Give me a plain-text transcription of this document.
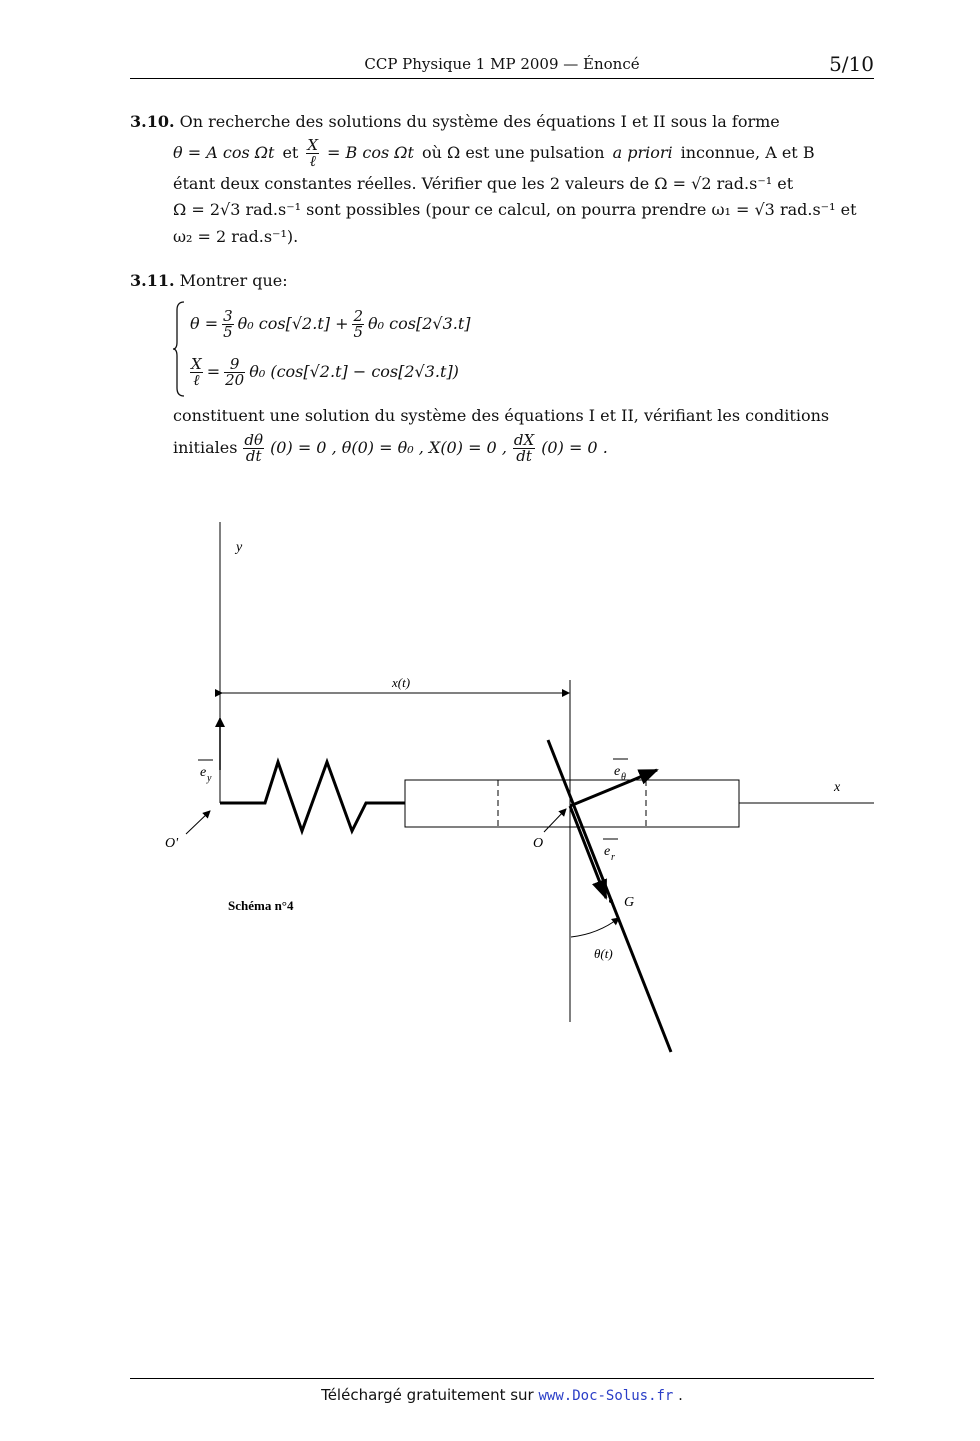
CCP Physique 1 MP 2009 — Énoncé	5/10
3.10. On recherche des solutions du système des équations I et II sous la forme
θ = A cos Ωt et $\frac{X}{\text{ℓ}} = B$ cos Ωt où Ω est une pulsation a priori inconnue, A et B
étant deux constantes réelles. Vérifier que les 2 valeurs de Ω = √2 rad.s⁻¹ et
Ω = 2√3 rad.s⁻¹ sont possibles (pour ce calcul, on pourra prendre ω₁ = √3 rad.s⁻¹ et
ω₂ = 2 rad.s⁻¹).
3.11. Montrer que:
$\theta = \frac{3}{5} \theta_0$ $\cos[√2.t] + \frac{2}{5} \theta_0$ cos[2√3.t]
$\frac{X}{\text{ℓ}} = \frac{9}{20} \theta_0$ (cos[√2.t] − cos[2√3.t])
constituent une solution du système des équations I et II, vérifiant les conditions
initiales $\frac{d\theta}{dt} (0) = 0$ , θ(0) = θ₀ , X(0) = 0 , $\frac{dX}{dt} (0) = 0$ .
y
x
x(t)
e y	e θ
e r
O'	O
G
θ(t)
Schéma n°4
Téléchargé gratuitement sur www.Doc-Solus.fr .
